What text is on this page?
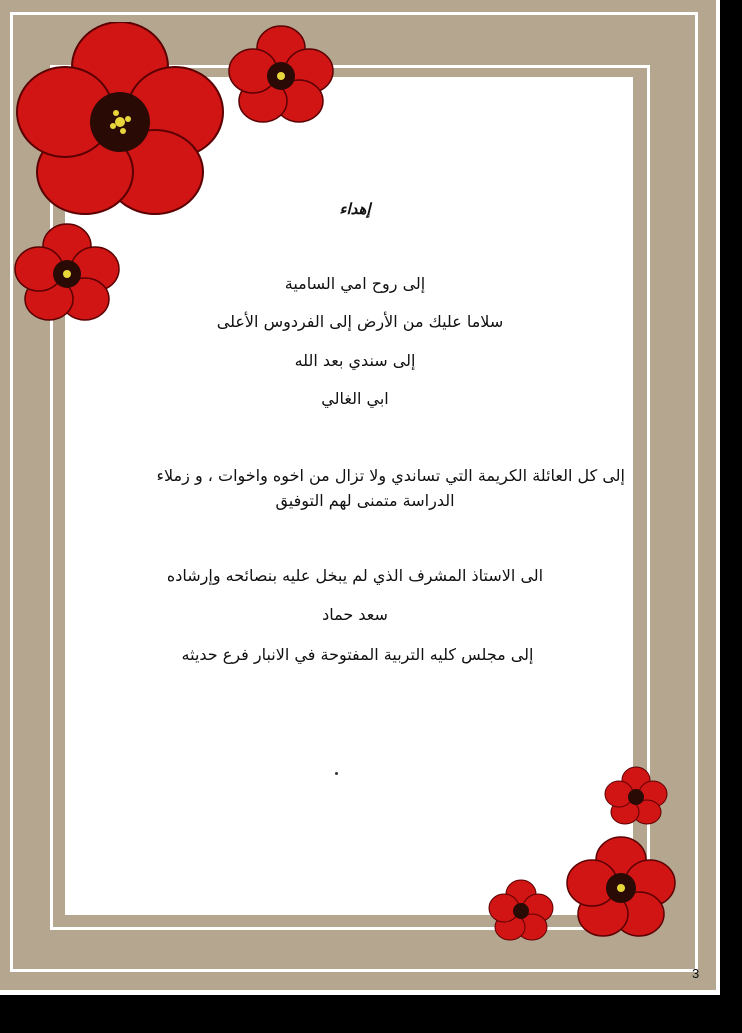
إهداء
إلى روح امي السامية
سلاما عليك من الأرض إلى الفردوس الأعلى
إلى سندي بعد الله
ابي الغالي
إلى كل العائلة الكريمة التي تساندي ولا تزال من اخوه واخوات ، و زملاء
الدراسة متمنى لهم التوفيق
الى الاستاذ المشرف الذي لم يبخل عليه بنصائحه وإرشاده
سعد حماد
إلى مجلس كليه التربية المفتوحة في الانبار فرع حديثه
3
